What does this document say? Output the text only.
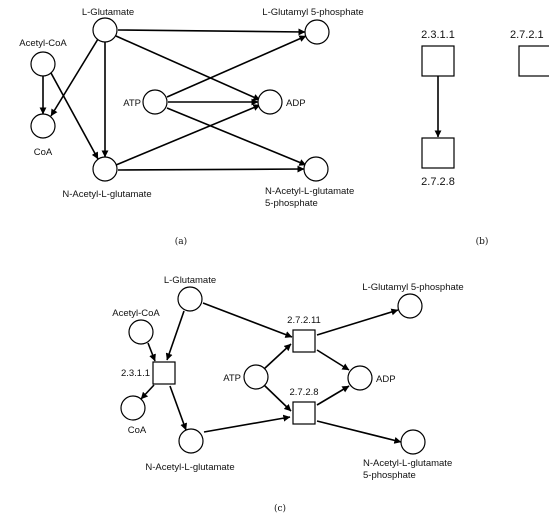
L-Glutamate	L-Glutamyl 5-phosphate
Acetyl-CoA
CoA
ATP	ADP
N-Acetyl-L-glutamate	N-Acetyl-L-glutamate
5-phosphate
(a)
2.3.1.1
2.7.2.8
2.7.2.1
(b)
L-Glutamate
Acetyl-CoA
2.3.1.1
CoA
N-Acetyl-L-glutamate
ATP
2.7.2.11
2.7.2.8
ADP
L-Glutamyl 5-phosphate
N-Acetyl-L-glutamate
5-phosphate
(c)
